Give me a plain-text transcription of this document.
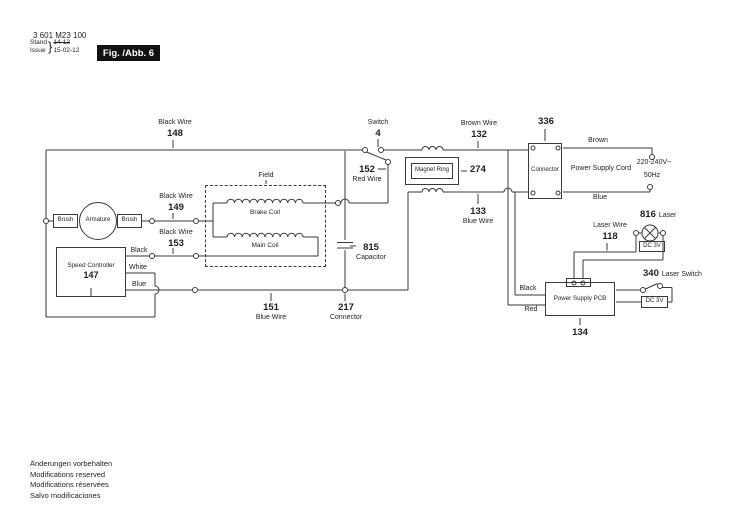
3 601 M23 100
Stand
Issue } 14-12
15-02-12	Fig. /Abb. 6
Magnet Ring	Connector
Power Supply PCB
DC 3V
DC 3V
Speed Controller
147
Armature
Brush	Brush
Black Wire
148
Switch
4
Brown Wire
132
336
Brown
Blue
Power Supply Cord
220-240V~
50Hz
816 Laser
Laser Wire
118
340 Laser Switch
Black
Red
134
274
133
Blue Wire
152
Red Wire
815
Capacitor
217
Connector
151
Blue Wire
Field
Brake Coil
Main Coil
Black Wire
149
Black Wire
153
Black
White
Blue
Änderungen vorbehalten
Modifications reserved
Modifications réservées
Salvo modificaciones
